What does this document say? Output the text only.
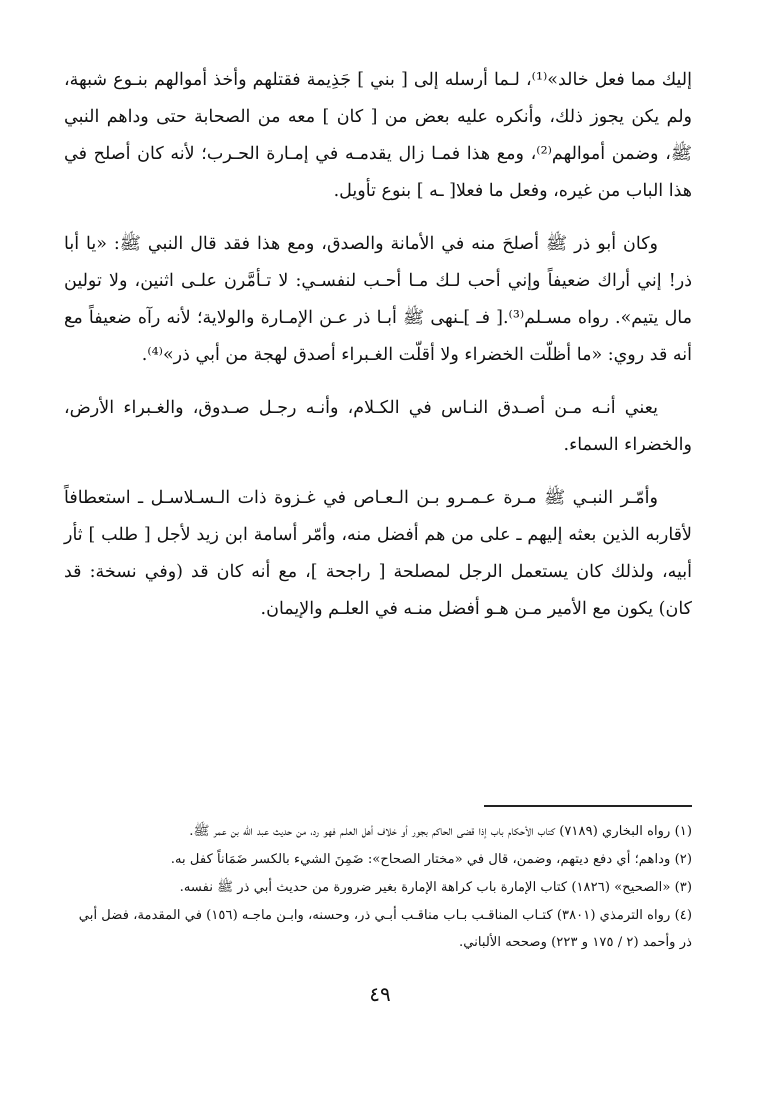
إليك مما فعل خالد»⁽¹⁾، لـما أرسله إلى [ بني ] جَذِيمة فقتلهم وأخذ أموالهم بنـوع شبهة، ولم يكن يجوز ذلك، وأنكره عليه بعض من [ كان ] معه من الصحابة حتى وداهم النبي ﷺ، وضمن أموالهم⁽²⁾، ومع هذا فمـا زال يقدمـه في إمـارة الحـرب؛ لأنه كان أصلح في هذا الباب من غيره، وفعل ما فعلا[ ـه ] بنوع تأويل.

وكان أبو ذر ﷺ أصلحَ منه في الأمانة والصدق، ومع هذا فقد قال النبي ﷺ: «يا أبا ذر! إني أراك ضعيفاً وإني أحب لـك مـا أحـب لنفسـي: لا تـأمَّرن علـى اثنين، ولا تولين مال يتيم». رواه مسـلم⁽³⁾.[ فـ ]ـنهى ﷺ أبـا ذر عـن الإمـارة والولاية؛ لأنه رآه ضعيفاً مع أنه قد روي: «ما أظلّت الخضراء ولا أقلّت الغـبراء أصدق لهجة من أبي ذر»⁽⁴⁾.

يعني أنـه مـن أصـدق النـاس في الكـلام، وأنـه رجـل صـدوق، والغـبراء الأرض، والخضراء السماء.

وأمّـر النبـي ﷺ مـرة عـمـرو بـن الـعـاص في غـزوة ذات الـسـلاسـل ـ استعطافاً لأقاربه الذين بعثه إليهم ـ على من هم أفضل منه، وأمّر أسامة ابن زيد لأجل [ طلب ] ثأر أبيه، ولذلك كان يستعمل الرجل لمصلحة [ راجحة ]، مع أنه كان قد (وفي نسخة: قد كان) يكون مع الأمير مـن هـو أفضل منـه في العلـم والإيمان.

(١) رواه البخاري (٧١٨٩) كتاب الأحكام باب إذا قضى الحاكم بجور أو خلاف أهل العلـم فهو رد، من حديث عبد الله بن عمر ﷺ.

(٢) وداهم؛ أي دفع ديتهم، وضمن، قال في «مختار الصحاح»: ضَمِنَ الشيء بالكسر ضَمَاناً كفل به.

(٣) «الصحيح» (١٨٢٦) كتاب الإمارة باب كراهة الإمارة بغير ضرورة من حديث أبي ذر ﷺ نفسه.

(٤) رواه الترمذي (٣٨٠١) كتـاب المناقـب بـاب مناقـب أبـي ذر، وحسنه، وابـن ماجـه (١٥٦) في المقدمة، فضل أبي ذر وأحمد (٢ / ١٧٥ و ٢٢٣) وصححه الألباني.

٤٩
